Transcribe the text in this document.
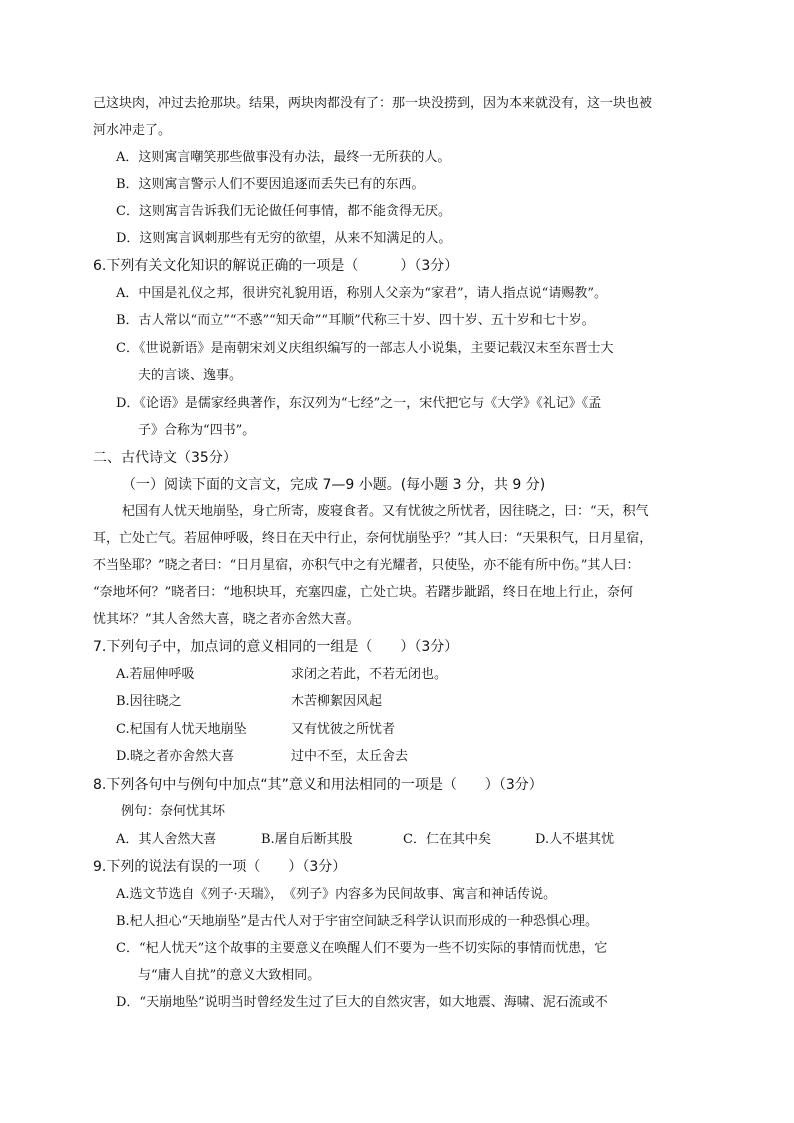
己这块肉，冲过去抢那块。结果，两块肉都没有了：那一块没捞到，因为本来就没有，这一块也被
河水冲走了。
A．这则寓言嘲笑那些做事没有办法，最终一无所获的人。
B．这则寓言警示人们不要因追逐而丢失已有的东西。
C．这则寓言告诉我们无论做任何事情，都不能贪得无厌。
D．这则寓言讽刺那些有无穷的欲望，从来不知满足的人。
6.下列有关文化知识的解说正确的一项是（　　　）（3分）
A．中国是礼仪之邦，很讲究礼貌用语，称别人父亲为“家君”，请人指点说“请赐教”。
B．古人常以“而立”“不惑”“知天命”“耳顺”代称三十岁、四十岁、五十岁和七十岁。
C．《世说新语》是南朝宋刘义庆组织编写的一部志人小说集，主要记载汉末至东晋士大
夫的言谈、逸事。
D．《论语》是儒家经典著作，东汉列为“七经”之一，宋代把它与《大学》《礼记》《孟
子》合称为“四书”。
二、古代诗文（35分）
（一）阅读下面的文言文，完成 7—9 小题。(每小题 3 分，共 9 分)
杞国有人忧天地崩坠，身亡所寄，废寝食者。又有忧彼之所忧者，因往晓之，曰：“天，积气
耳，亡处亡气。若屈伸呼吸，终日在天中行止，奈何忧崩坠乎？”其人曰：“天果积气，日月星宿，
不当坠耶？”晓之者曰：“日月星宿，亦积气中之有光耀者，只使坠，亦不能有所中伤。”其人曰：
“奈地坏何？”晓者曰：“地积块耳，充塞四虚，亡处亡块。若躇步跐蹈，终日在地上行止，奈何
忧其坏？”其人舍然大喜，晓之者亦舍然大喜。
7.下列句子中，加点词的意义相同的一组是（　　）（3分）
A.若屈伸呼吸	求闭之若此，不若无闭也。
B.因往晓之	木苦柳絮因风起
C.杞国有人忧天地崩坠	又有忧彼之所忧者
D.晓之者亦舍然大喜	过中不至，太丘舍去
8.下列各句中与例句中加点“其”意义和用法相同的一项是（　　）（3分）
例句：奈何忧其坏
A．其人舍然大喜	B.屠自后断其股	C．仁在其中矣	D.人不堪其忧
9.下列的说法有误的一项（　　）（3分）
A.选文节选自《列子·天瑞》，　《列子》内容多为民间故事、寓言和神话传说。
B.杞人担心“天地崩坠”是古代人对于宇宙空间缺乏科学认识而形成的一种恐惧心理。
C．“杞人忧天”这个故事的主要意义在唤醒人们不要为一些不切实际的事情而忧患，它
与“庸人自扰”的意义大致相同。
D．“天崩地坠”说明当时曾经发生过了巨大的自然灾害，如大地震、海啸、泥石流或不
